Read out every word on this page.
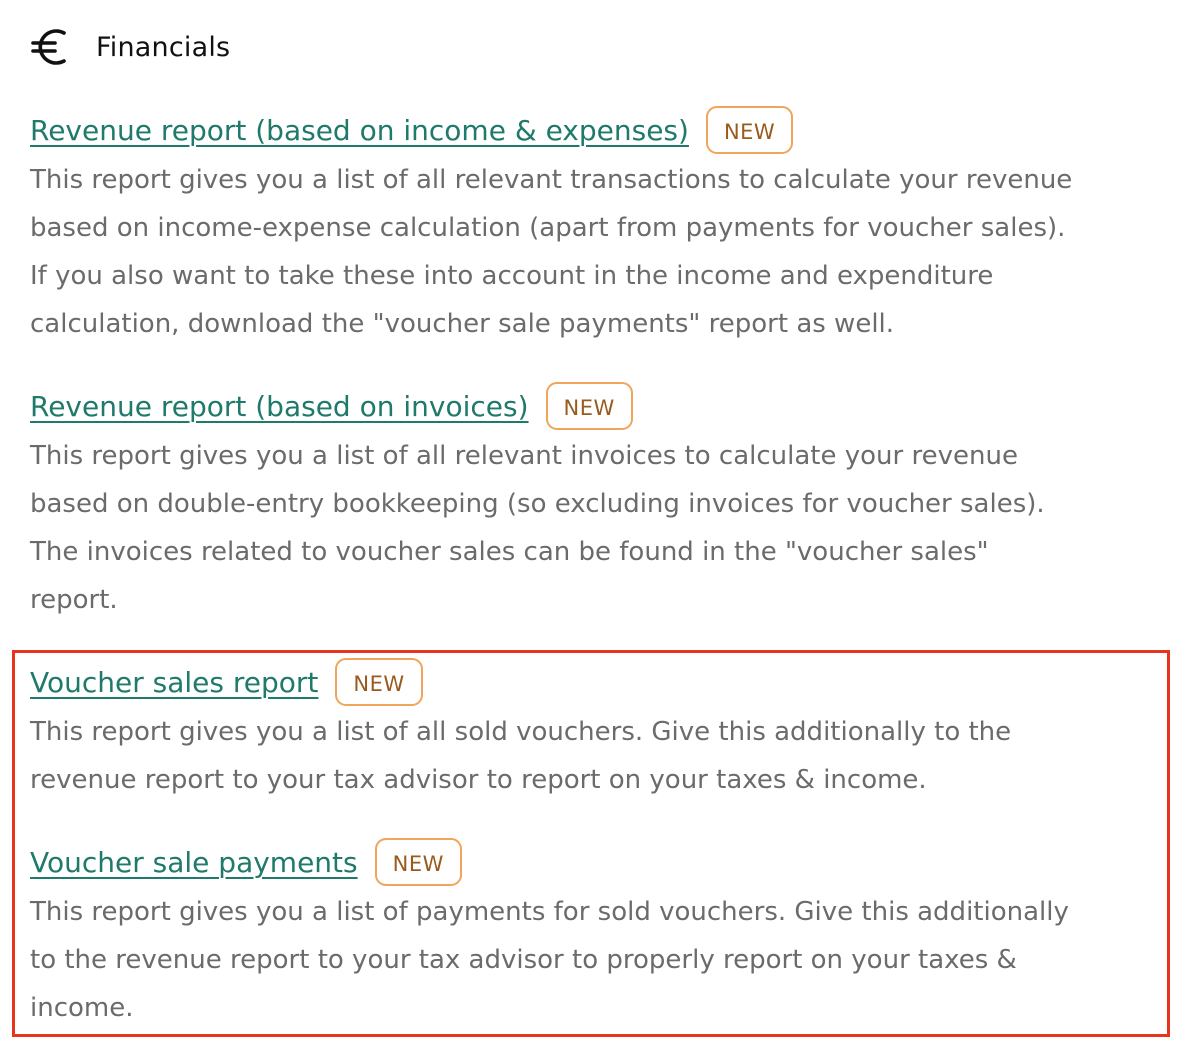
Financials
Revenue report (based on income & expenses)	NEW
This report gives you a list of all relevant transactions to calculate your revenue
based on income-expense calculation (apart from payments for voucher sales).
If you also want to take these into account in the income and expenditure
calculation, download the "voucher sale payments" report as well.
Revenue report (based on invoices)	NEW
This report gives you a list of all relevant invoices to calculate your revenue
based on double-entry bookkeeping (so excluding invoices for voucher sales).
The invoices related to voucher sales can be found in the "voucher sales"
report.
Voucher sales report	NEW
This report gives you a list of all sold vouchers. Give this additionally to the
revenue report to your tax advisor to report on your taxes & income.
Voucher sale payments	NEW
This report gives you a list of payments for sold vouchers. Give this additionally
to the revenue report to your tax advisor to properly report on your taxes &
income.
